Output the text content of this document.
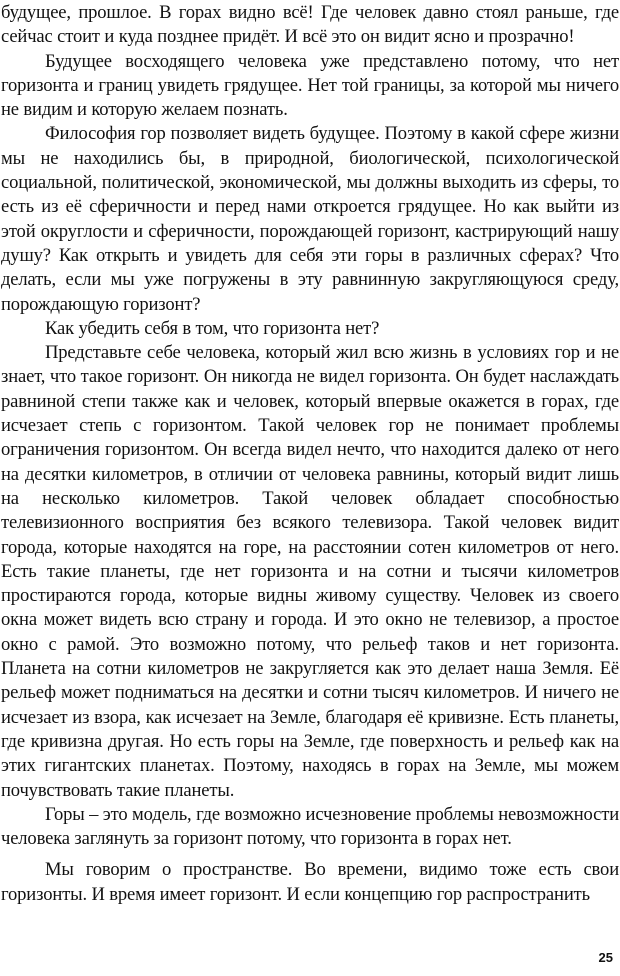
будущее, прошлое. В горах видно всё! Где человек давно стоял раньше, где сейчас стоит и куда позднее придёт. И всё это он видит ясно и прозрачно!

Будущее восходящего человека уже представлено потому, что нет горизонта и границ увидеть грядущее. Нет той границы, за которой мы ничего не видим и которую желаем познать.

Философия гор позволяет видеть будущее. Поэтому в какой сфере жизни мы не находились бы, в природной, биологической, психологической социальной, политической, экономической, мы должны выходить из сферы, то есть из её сферичности и перед нами откроется грядущее. Но как выйти из этой округлости и сферичности, порождающей горизонт, кастрирующий нашу душу? Как открыть и увидеть для себя эти горы в различных сферах? Что делать, если мы уже погружены в эту равнинную закругляющуюся среду, порождающую горизонт?

Как убедить себя в том, что горизонта нет?

Представьте себе человека, который жил всю жизнь в условиях гор и не знает, что такое горизонт. Он никогда не видел горизонта. Он будет наслаждать равниной степи также как и человек, который впервые окажется в горах, где исчезает степь с горизонтом. Такой человек гор не понимает проблемы ограничения горизонтом. Он всегда видел нечто, что находится далеко от него на десятки километров, в отличии от человека равнины, который видит лишь на несколько километров. Такой человек обладает способностью телевизионного восприятия без всякого телевизора. Такой человек видит города, которые находятся на горе, на расстоянии сотен километров от него. Есть такие планеты, где нет горизонта и на сотни и тысячи километров простираются города, которые видны живому существу. Человек из своего окна может видеть всю страну и города. И это окно не телевизор, а простое окно с рамой. Это возможно потому, что рельеф таков и нет горизонта. Планета на сотни километров не закругляется как это делает наша Земля. Её рельеф может подниматься на десятки и сотни тысяч километров. И ничего не исчезает из взора, как исчезает на Земле, благодаря её кривизне. Есть планеты, где кривизна другая. Но есть горы на Земле, где поверхность и рельеф как на этих гигантских планетах. Поэтому, находясь в горах на Земле, мы можем почувствовать такие планеты.

Горы – это модель, где возможно исчезновение проблемы невозможности человека заглянуть за горизонт потому, что горизонта в горах нет.

Мы говорим о пространстве. Во времени, видимо тоже есть свои горизонты. И время имеет горизонт. И если концепцию гор распространить

25
